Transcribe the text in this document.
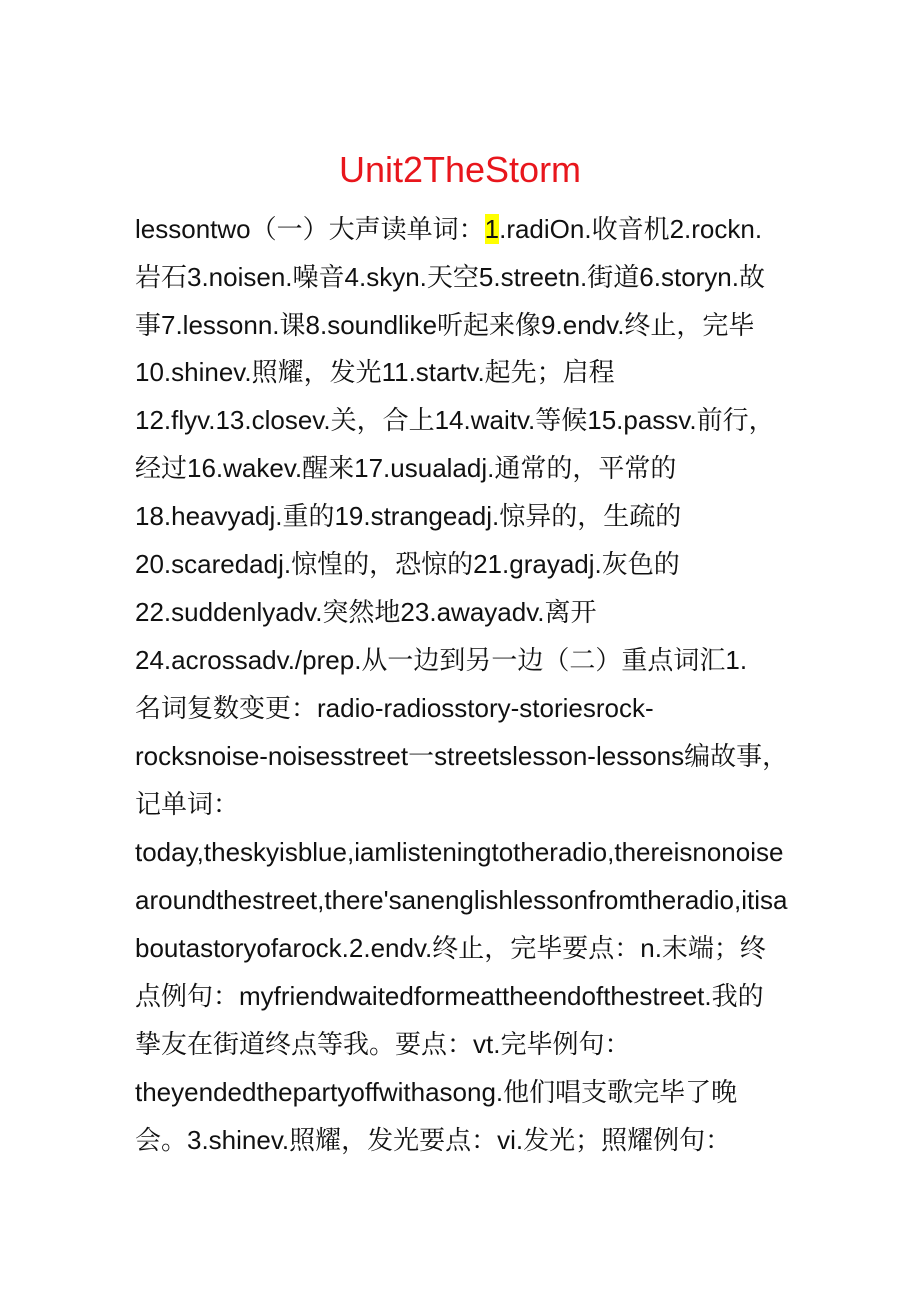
Unit2TheStorm
lessontwo（一）大声读单词：1.radiOn.收音机2.rockn.
岩石3.noisen.噪音4.skyn.天空5.streetn.街道6.storyn.故
事7.lessonn.课8.soundlike听起来像9.endv.终止，完毕
10.shinev.照耀，发光11.startv.起先；启程
12.flyv.13.closev.关，合上14.waitv.等候15.passv.前行，
经过16.wakev.醒来17.usualadj.通常的，平常的
18.heavyadj.重的19.strangeadj.惊异的，生疏的
20.scaredadj.惊惶的，恐惊的21.grayadj.灰色的
22.suddenlyadv.突然地23.awayadv.离开
24.acrossadv./prep.从一边到另一边（二）重点词汇1.
名词复数变更：radio-radiosstory-storiesrock-
rocksnoise-noisesstreet一streetslesson-lessons编故事，
记单词：
today,theskyisblue,iamlisteningtotheradio,thereisnonoise
aroundthestreet,there'sanenglishlessonfromtheradio,itisa
boutastoryofarock.2.endv.终止，完毕要点：n.末端；终
点例句：myfriendwaitedformeattheendofthestreet.我的
挚友在街道终点等我。要点：vt.完毕例句：
theyendedthepartyoffwithasong.他们唱支歌完毕了晚
会。3.shinev.照耀，发光要点：vi.发光；照耀例句：
